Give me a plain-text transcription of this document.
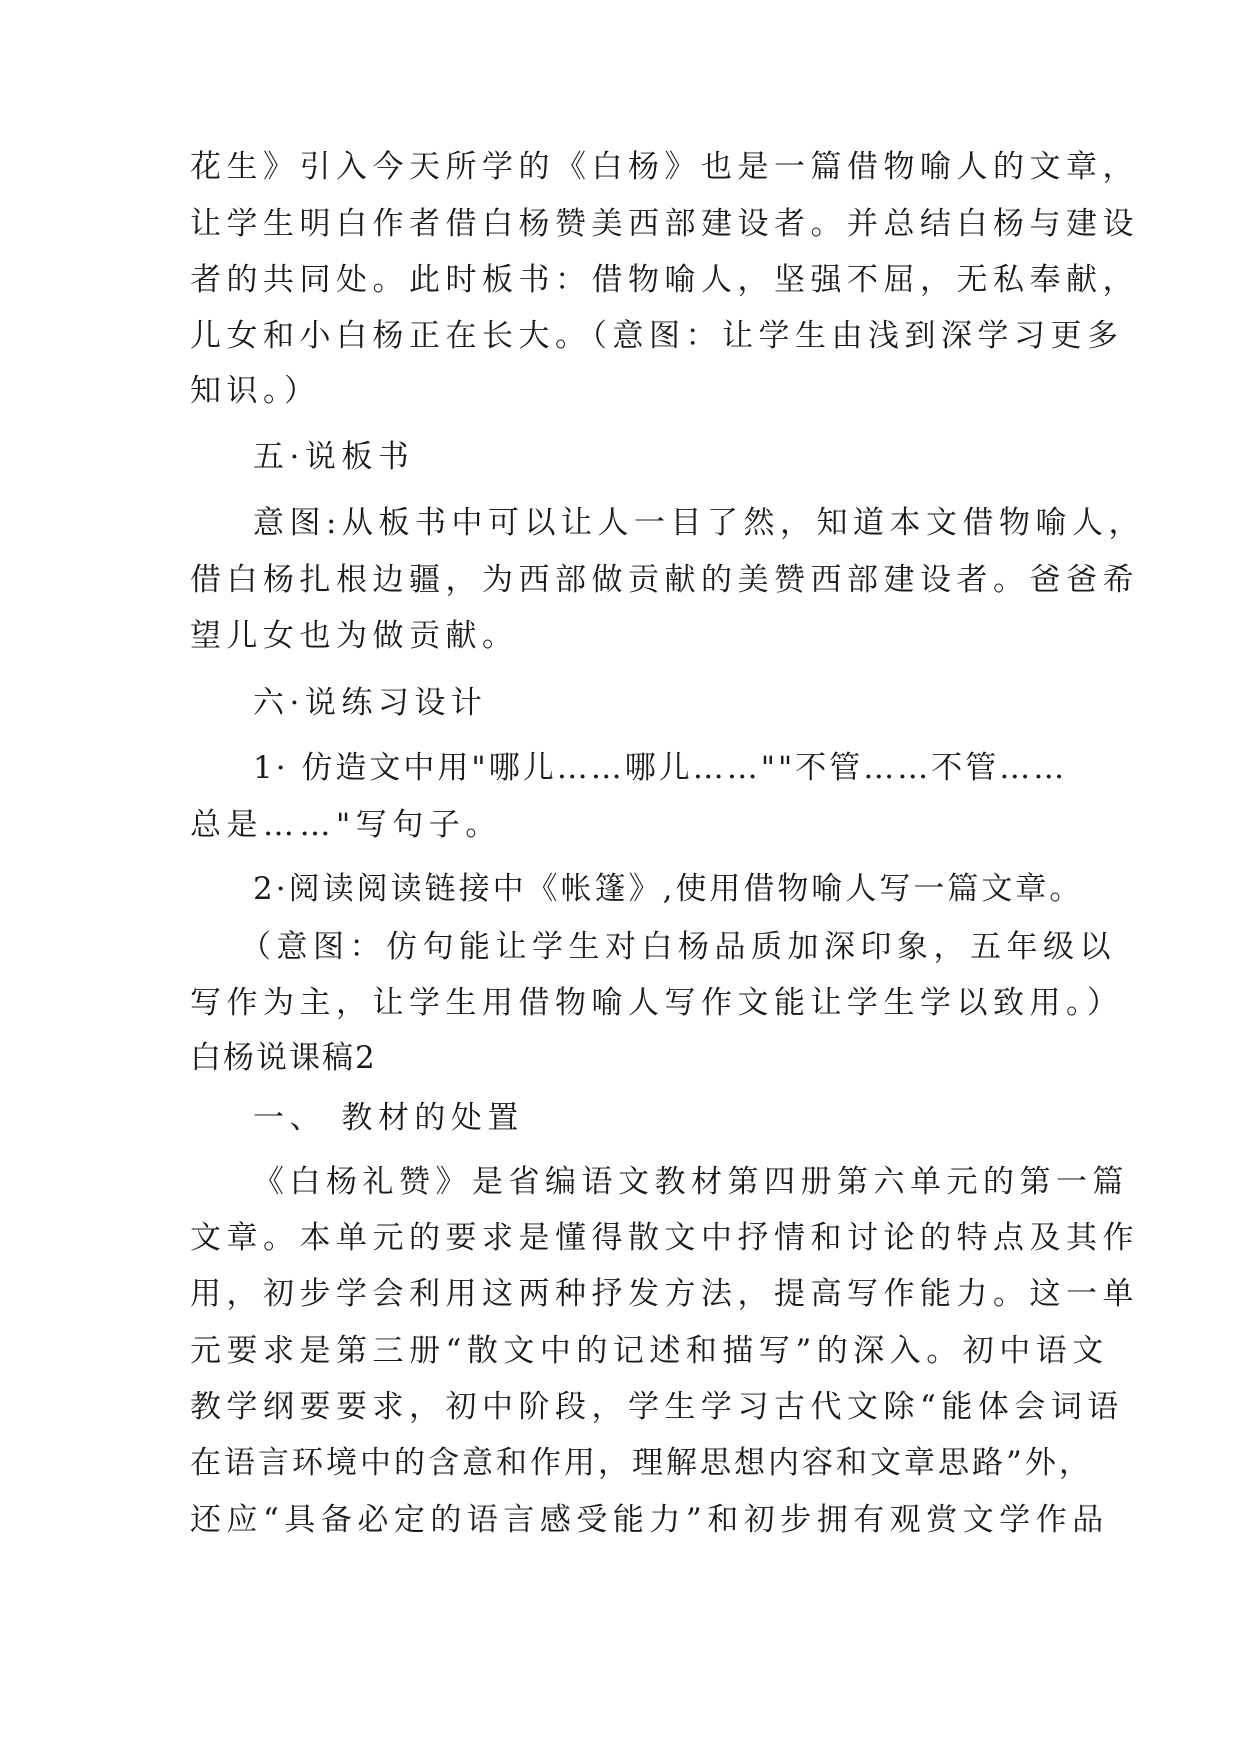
花生》引入今天所学的《白杨》也是一篇借物喻人的文章，
让学生明白作者借白杨赞美西部建设者。并总结白杨与建设
者的共同处。此时板书：借物喻人，坚强不屈，无私奉献，
儿女和小白杨正在长大。（意图：让学生由浅到深学习更多
知识。）
五·说板书
意图:从板书中可以让人一目了然，知道本文借物喻人，
借白杨扎根边疆，为西部做贡献的美赞西部建设者。爸爸希
望儿女也为做贡献。
六·说练习设计
1· 仿造文中用"哪儿……哪儿……""不管……不管……
总是……"写句子。
2·阅读阅读链接中《帐篷》,使用借物喻人写一篇文章。
（意图：仿句能让学生对白杨品质加深印象，五年级以
写作为主，让学生用借物喻人写作文能让学生学以致用。）
白杨说课稿2
一、 教材的处置
《白杨礼赞》是省编语文教材第四册第六单元的第一篇
文章。本单元的要求是懂得散文中抒情和讨论的特点及其作
用，初步学会利用这两种抒发方法，提高写作能力。这一单
元要求是第三册“散文中的记述和描写”的深入。初中语文
教学纲要要求，初中阶段，学生学习古代文除“能体会词语
在语言环境中的含意和作用，理解思想内容和文章思路”外，
还应“具备必定的语言感受能力”和初步拥有观赏文学作品
